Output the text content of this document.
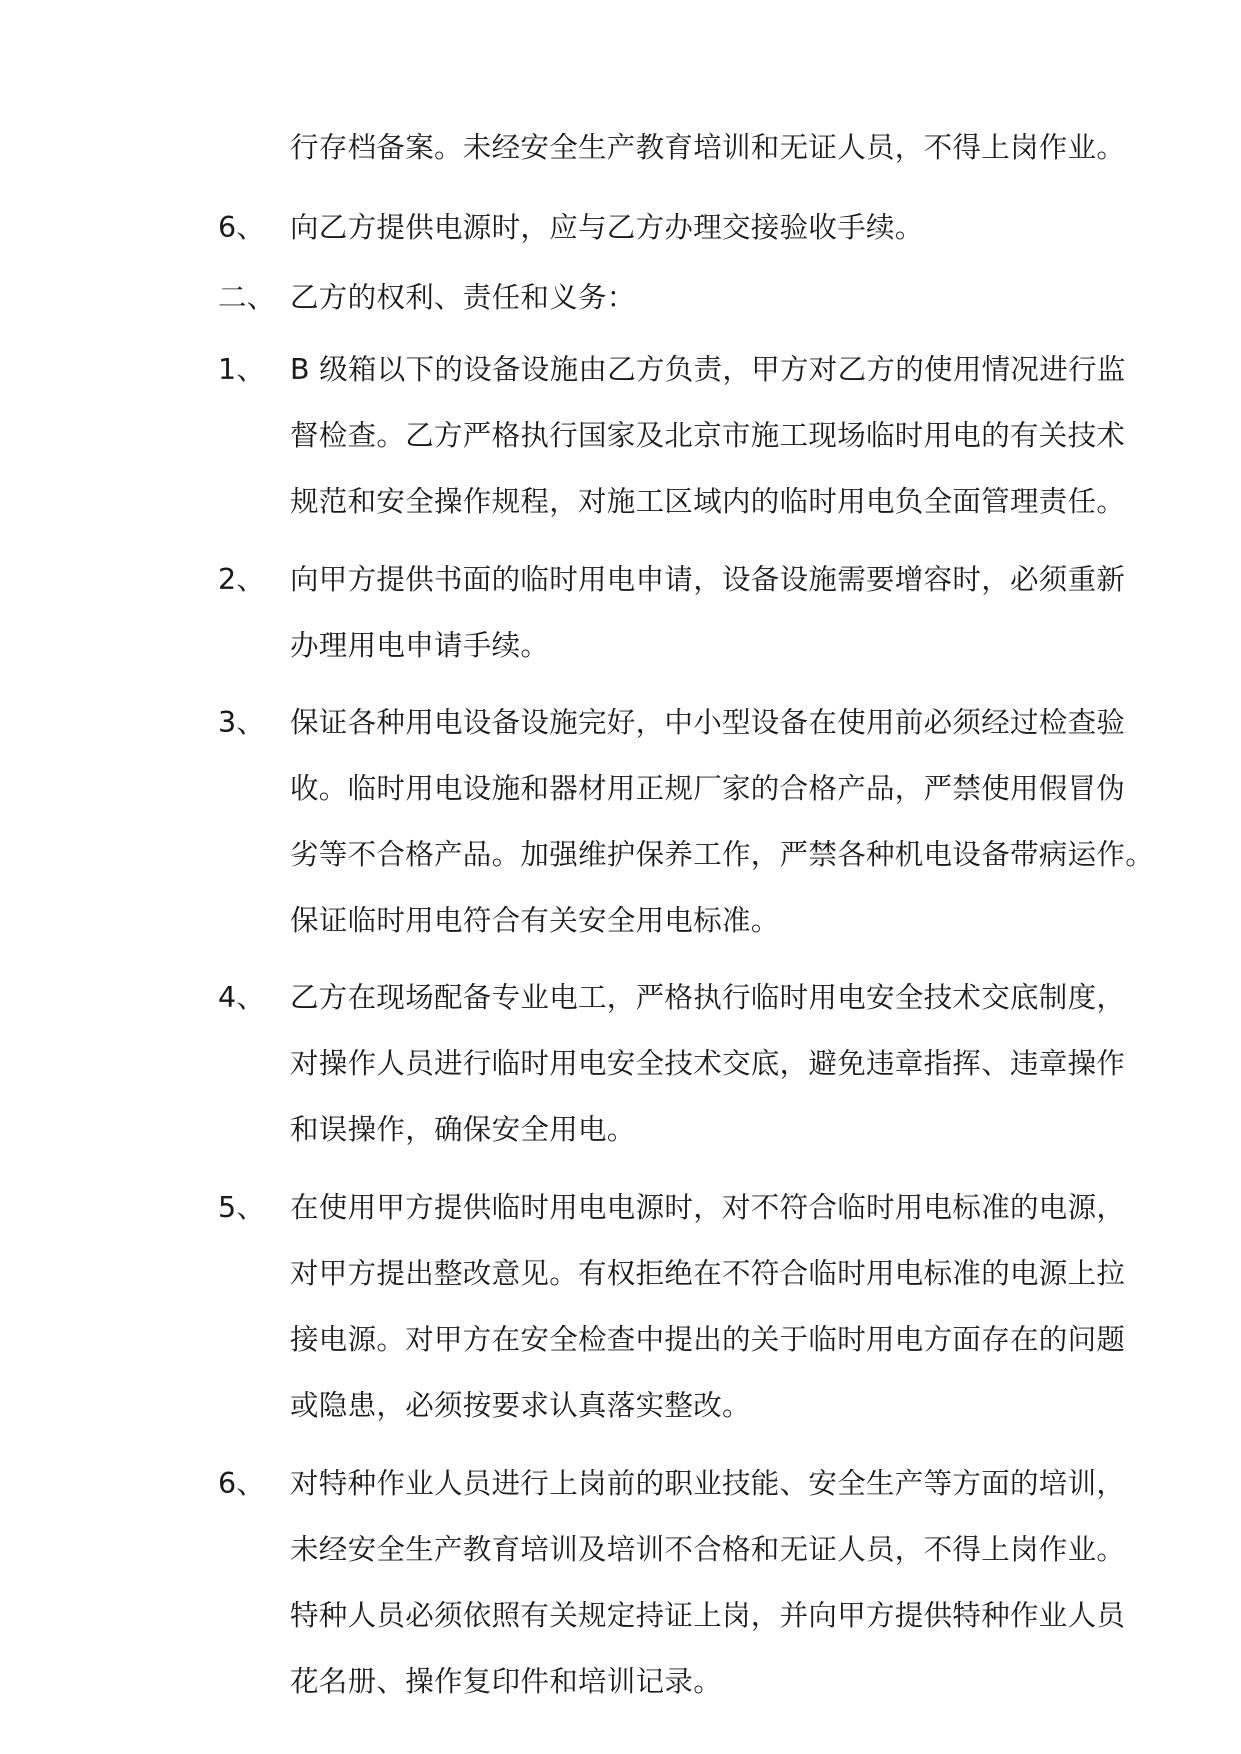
行存档备案。未经安全生产教育培训和无证人员，不得上岗作业。
6、 向乙方提供电源时，应与乙方办理交接验收手续。
二、 乙方的权利、责任和义务：
1、 B 级箱以下的设备设施由乙方负责，甲方对乙方的使用情况进行监
督检查。乙方严格执行国家及北京市施工现场临时用电的有关技术
规范和安全操作规程，对施工区域内的临时用电负全面管理责任。
2、 向甲方提供书面的临时用电申请，设备设施需要增容时，必须重新
办理用电申请手续。
3、 保证各种用电设备设施完好，中小型设备在使用前必须经过检查验
收。临时用电设施和器材用正规厂家的合格产品，严禁使用假冒伪
劣等不合格产品。加强维护保养工作，严禁各种机电设备带病运作。
保证临时用电符合有关安全用电标准。
4、 乙方在现场配备专业电工，严格执行临时用电安全技术交底制度，
对操作人员进行临时用电安全技术交底，避免违章指挥、违章操作
和误操作，确保安全用电。
5、 在使用甲方提供临时用电电源时，对不符合临时用电标准的电源，
对甲方提出整改意见。有权拒绝在不符合临时用电标准的电源上拉
接电源。对甲方在安全检查中提出的关于临时用电方面存在的问题
或隐患，必须按要求认真落实整改。
6、 对特种作业人员进行上岗前的职业技能、安全生产等方面的培训，
未经安全生产教育培训及培训不合格和无证人员，不得上岗作业。
特种人员必须依照有关规定持证上岗，并向甲方提供特种作业人员
花名册、操作复印件和培训记录。
